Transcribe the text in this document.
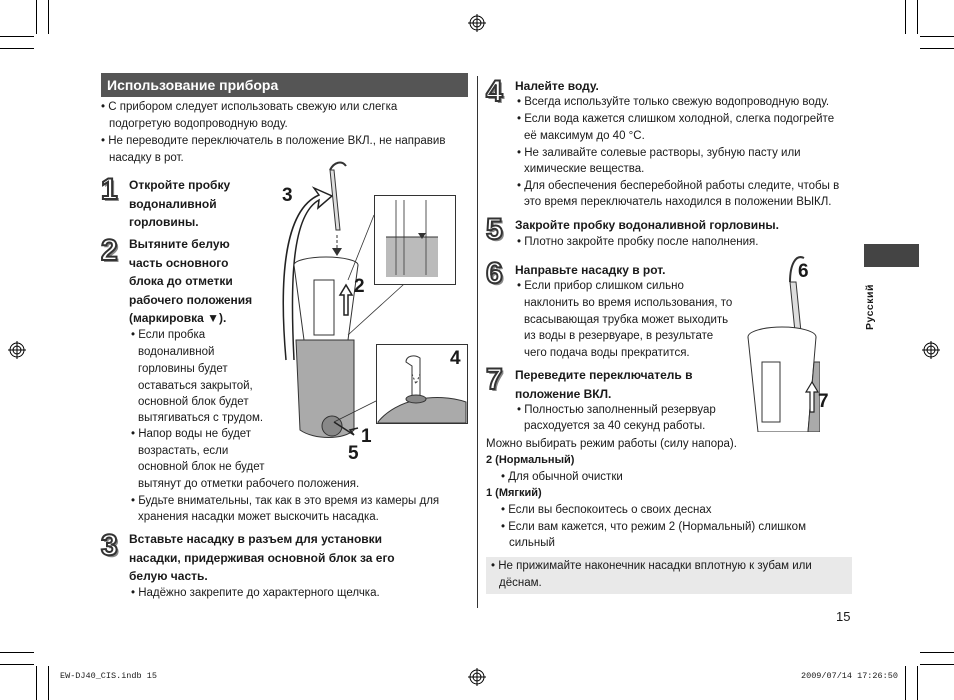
Использование прибора
• С прибором следует использовать свежую или слегка
подогретую водопроводную воду.
• Не переводите переключатель в положение ВКЛ., не направив
насадку в рот.
1 Откройте пробку
водоналивной
горловины.
2 Вытяните белую
часть основного
блока до отметки
рабочего положения
(маркировка ▼).
• Если пробка
водоналивной
горловины будет
оставаться закрытой,
основной блок будет
вытягиваться с трудом.
• Напор воды не будет
возрастать, если
основной блок не будет
вытянут до отметки рабочего положения.
• Будьте внимательны, так как в это время из камеры для
хранения насадки может выскочить насадка.
3 Вставьте насадку в разъем для установки
насадки, придерживая основной блок за его
белую часть.
• Надёжно закрепите до характерного щелчка.
3
2
4
1
5
4 Налейте воду.
• Всегда используйте только свежую водопроводную воду.
• Если вода кажется слишком холодной, слегка подогрейте
её максимум до 40 °C.
• Не заливайте солевые растворы, зубную пасту или
химические вещества.
• Для обеспечения бесперебойной работы следите, чтобы в
это время переключатель находился в положении ВЫКЛ.
5 Закройте пробку водоналивной горловины.
• Плотно закройте пробку после наполнения.
6 Направьте насадку в рот.
• Если прибор слишком сильно
наклонить во время использования, то
всасывающая трубка может выходить
из воды в резервуаре, в результате
чего подача воды прекратится.
7 Переведите переключатель в
положение ВКЛ.
• Полностью заполненный резервуар
расходуется за 40 секунд работы.
6
7
Можно выбирать режим работы (силу напора).
2 (Нормальный)
• Для обычной очистки
1 (Мягкий)
• Если вы беспокоитесь о своих деснах
• Если вам кажется, что режим 2 (Нормальный) слишком
сильный
• Не прижимайте наконечник насадки вплотную к зубам или
дёснам.
Русский
15
EW-DJ40_CIS.indb 15	2009/07/14 17:26:50
